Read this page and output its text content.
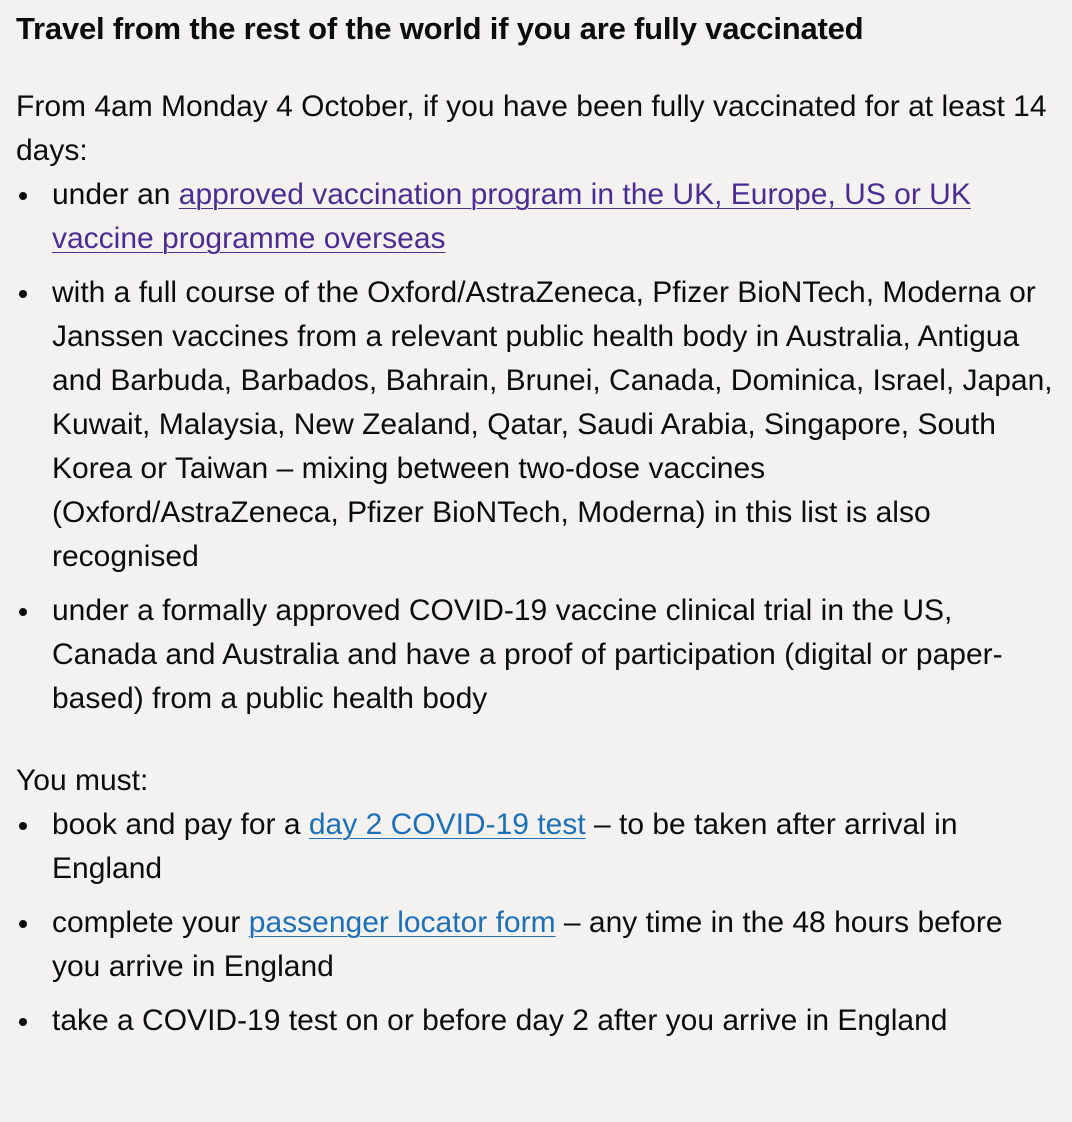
Travel from the rest of the world if you are fully vaccinated

From 4am Monday 4 October, if you have been fully vaccinated for at least 14 days:

under an approved vaccination program in the UK, Europe, US or UK vaccine programme overseas
with a full course of the Oxford/AstraZeneca, Pfizer BioNTech, Moderna or Janssen vaccines from a relevant public health body in Australia, Antigua and Barbuda, Barbados, Bahrain, Brunei, Canada, Dominica, Israel, Japan, Kuwait, Malaysia, New Zealand, Qatar, Saudi Arabia, Singapore, South Korea or Taiwan – mixing between two-dose vaccines (Oxford/AstraZeneca, Pfizer BioNTech, Moderna) in this list is also recognised
under a formally approved COVID-19 vaccine clinical trial in the US, Canada and Australia and have a proof of participation (digital or paper-based) from a public health body

You must:

book and pay for a day 2 COVID-19 test – to be taken after arrival in England
complete your passenger locator form – any time in the 48 hours before you arrive in England
take a COVID-19 test on or before day 2 after you arrive in England
